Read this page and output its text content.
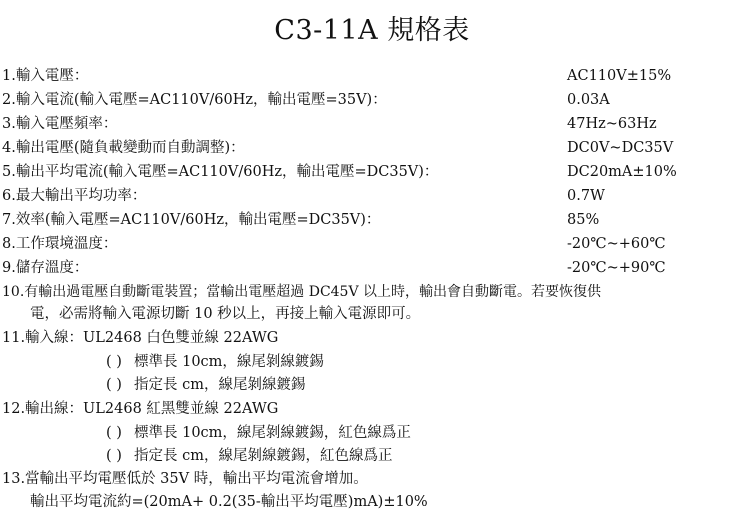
C3-11A 規格表
1.輸入電壓：	AC110V±15%
2.輸入電流(輸入電壓=AC110V/60Hz，輸出電壓=35V)：	0.03A
3.輸入電壓頻率：	47Hz~63Hz
4.輸出電壓(隨負載變動而自動調整)：	DC0V~DC35V
5.輸出平均電流(輸入電壓=AC110V/60Hz，輸出電壓=DC35V)：	DC20mA±10%
6.最大輸出平均功率：	0.7W
7.效率(輸入電壓=AC110V/60Hz，輸出電壓=DC35V)：	85%
8.工作環境溫度：	-20℃~+60℃
9.儲存溫度：	-20℃~+90℃
10.有輸出過電壓自動斷電裝置；當輸出電壓超過 DC45V 以上時，輸出會自動斷電。若要恢復供
電，必需將輸入電源切斷 10 秒以上，再接上輸入電源即可。
11.輸入線：UL2468 白色雙並線 22AWG
( ) 標準長 10cm，線尾剝線鍍錫
( ) 指定長 cm，線尾剝線鍍錫
12.輸出線：UL2468 紅黑雙並線 22AWG
( ) 標準長 10cm，線尾剝線鍍錫，紅色線爲正
( ) 指定長 cm，線尾剝線鍍錫，紅色線爲正
13.當輸出平均電壓低於 35V 時，輸出平均電流會增加。
輸出平均電流約=(20mA+ 0.2(35-輸出平均電壓)mA)±10%
